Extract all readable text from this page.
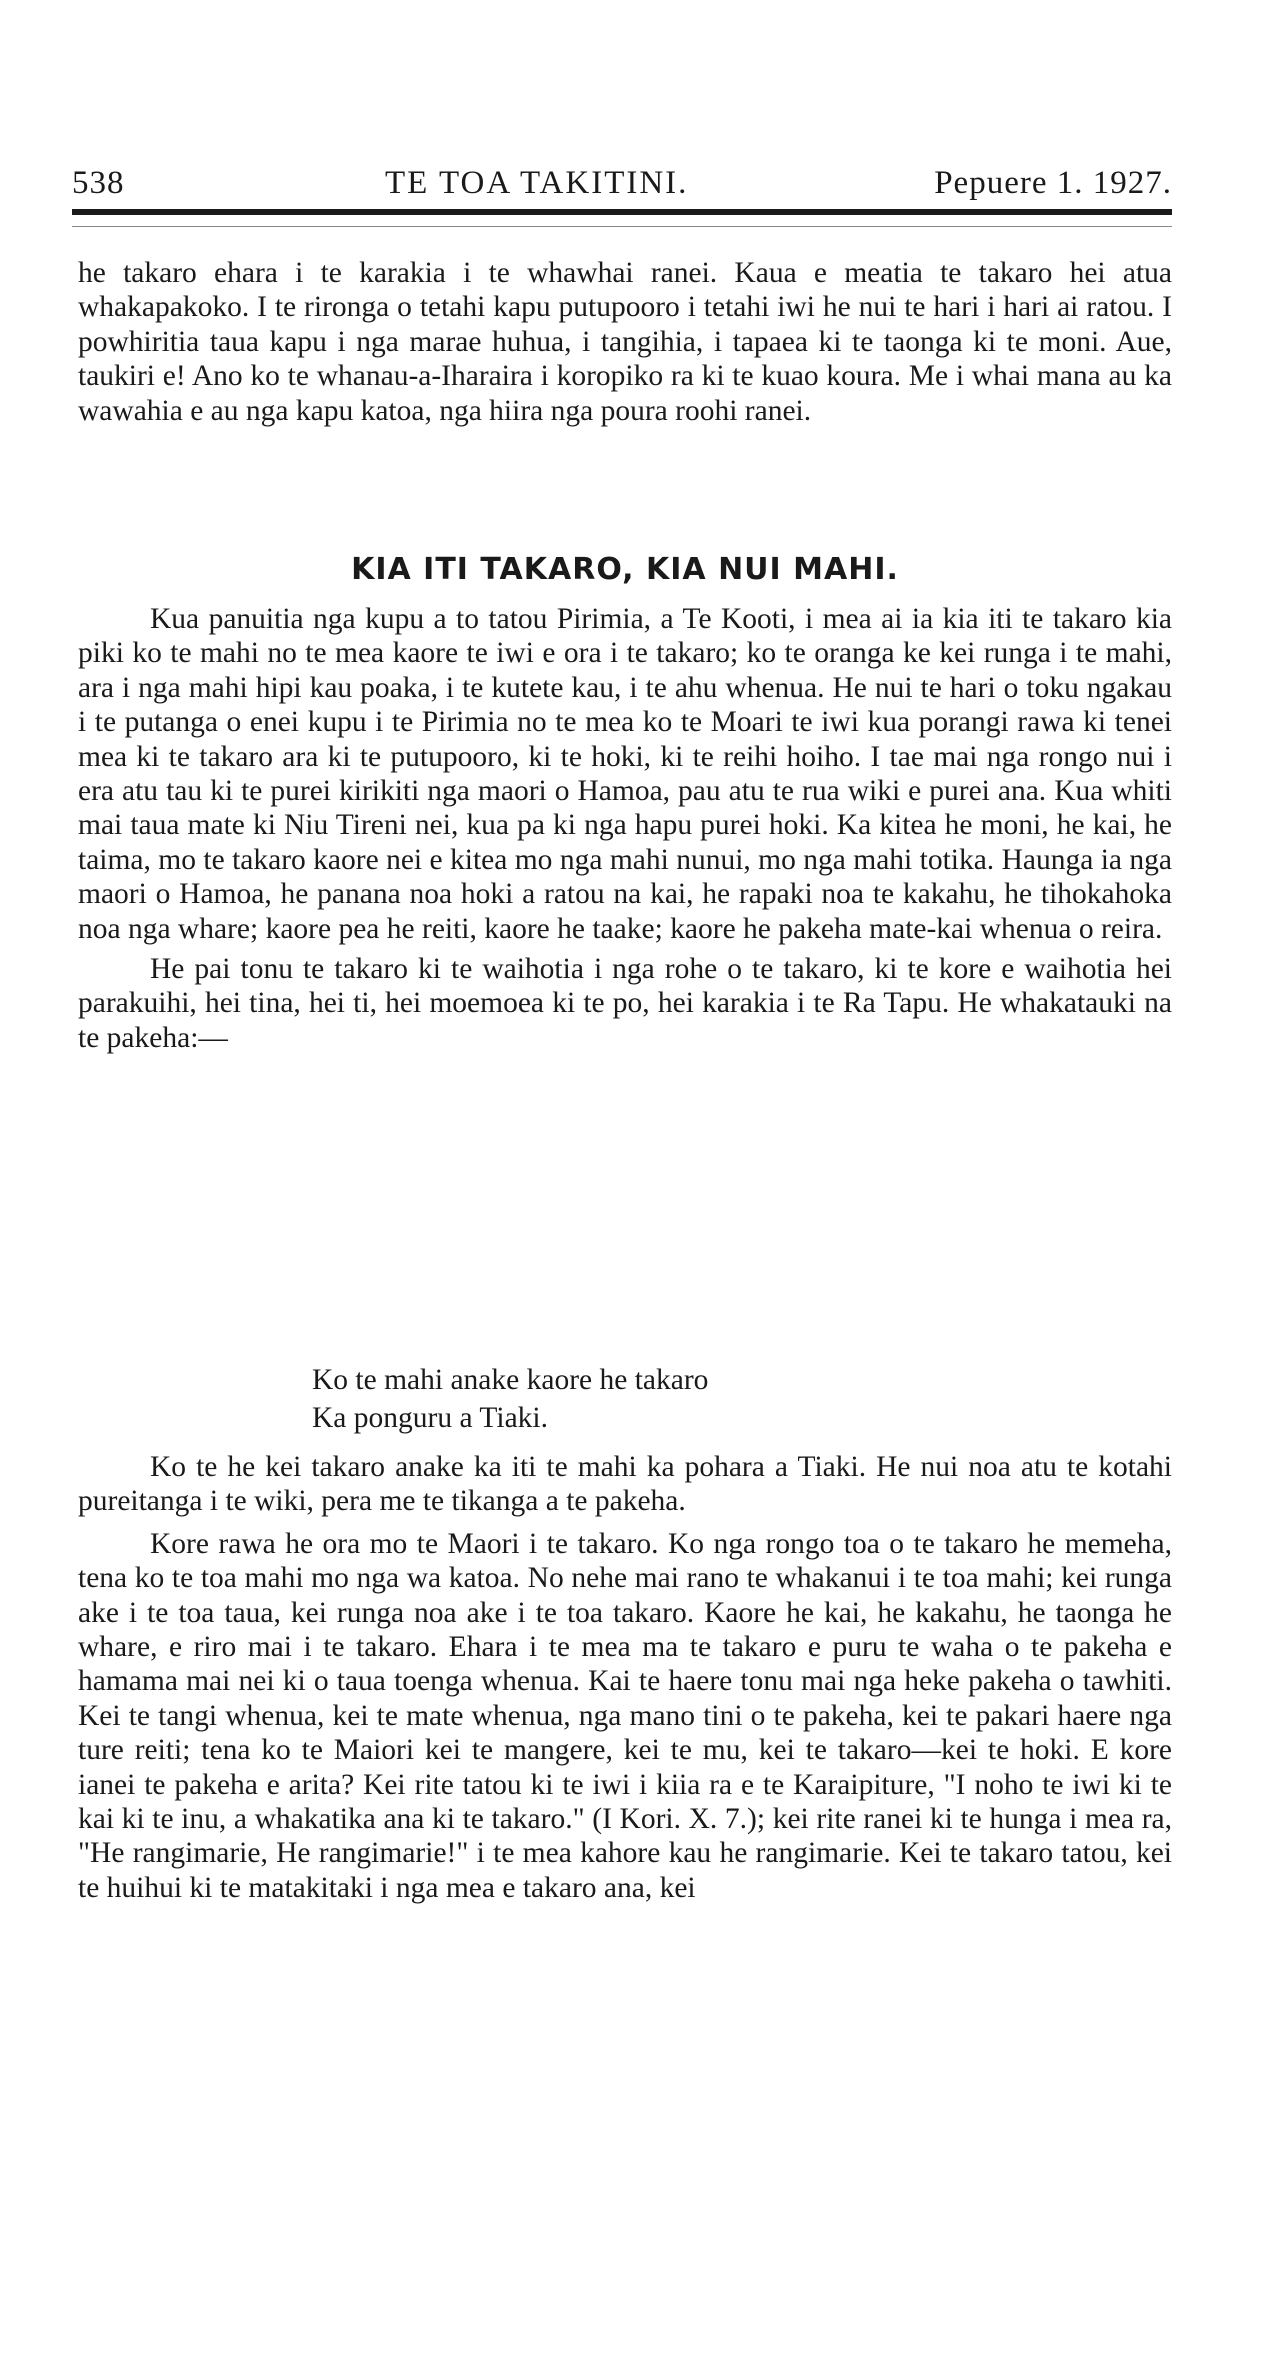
538	TE TOA TAKITINI.	Pepuere 1. 1927.

he takaro ehara i te karakia i te whawhai ranei. Kaua e meatia te takaro hei atua whakapakoko. I te rironga o tetahi kapu putupooro i tetahi iwi he nui te hari i hari ai ratou. I powhiritia taua kapu i nga marae huhua, i tangihia, i tapaea ki te taonga ki te moni. Aue, taukiri e! Ano ko te whanau-a-Iharaira i koropiko ra ki te kuao koura. Me i whai mana au ka wawahia e au nga kapu katoa, nga hiira nga poura roohi ranei.

KIA ITI TAKARO, KIA NUI MAHI.

Kua panuitia nga kupu a to tatou Pirimia, a Te Kooti, i mea ai ia kia iti te takaro kia piki ko te mahi no te mea kaore te iwi e ora i te takaro; ko te oranga ke kei runga i te mahi, ara i nga mahi hipi kau poaka, i te kutete kau, i te ahu whenua. He nui te hari o toku ngakau i te putanga o enei kupu i te Pirimia no te mea ko te Moari te iwi kua porangi rawa ki tenei mea ki te takaro ara ki te putupooro, ki te hoki, ki te reihi hoiho. I tae mai nga rongo nui i era atu tau ki te purei kirikiti nga maori o Hamoa, pau atu te rua wiki e purei ana. Kua whiti mai taua mate ki Niu Tireni nei, kua pa ki nga hapu purei hoki. Ka kitea he moni, he kai, he taima, mo te takaro kaore nei e kitea mo nga mahi nunui, mo nga mahi totika. Haunga ia nga maori o Hamoa, he panana noa hoki a ratou na kai, he rapaki noa te kakahu, he tihokahoka noa nga whare; kaore pea he reiti, kaore he taake; kaore he pakeha mate-kai whenua o reira.

He pai tonu te takaro ki te waihotia i nga rohe o te takaro, ki te kore e waihotia hei parakuihi, hei tina, hei ti, hei moemoea ki te po, hei karakia i te Ra Tapu. He whakatauki na te pakeha:—

Ko te mahi anake kaore he takaro
Ka ponguru a Tiaki.

Ko te he kei takaro anake ka iti te mahi ka pohara a Tiaki. He nui noa atu te kotahi pureitanga i te wiki, pera me te tikanga a te pakeha.

Kore rawa he ora mo te Maori i te takaro. Ko nga rongo toa o te takaro he memeha, tena ko te toa mahi mo nga wa katoa. No nehe mai rano te whakanui i te toa mahi; kei runga ake i te toa taua, kei runga noa ake i te toa takaro. Kaore he kai, he kakahu, he taonga he whare, e riro mai i te takaro. Ehara i te mea ma te takaro e puru te waha o te pakeha e hamama mai nei ki o taua toenga whenua. Kai te haere tonu mai nga heke pakeha o tawhiti. Kei te tangi whenua, kei te mate whenua, nga mano tini o te pakeha, kei te pakari haere nga ture reiti; tena ko te Maiori kei te mangere, kei te mu, kei te takaro—kei te hoki. E kore ianei te pakeha e arita? Kei rite tatou ki te iwi i kiia ra e te Karaipiture, "I noho te iwi ki te kai ki te inu, a whakatika ana ki te takaro." (I Kori. X. 7.); kei rite ranei ki te hunga i mea ra, "He rangimarie, He rangimarie!" i te mea kahore kau he rangimarie. Kei te takaro tatou, kei te huihui ki te matakitaki i nga mea e takaro ana, kei
